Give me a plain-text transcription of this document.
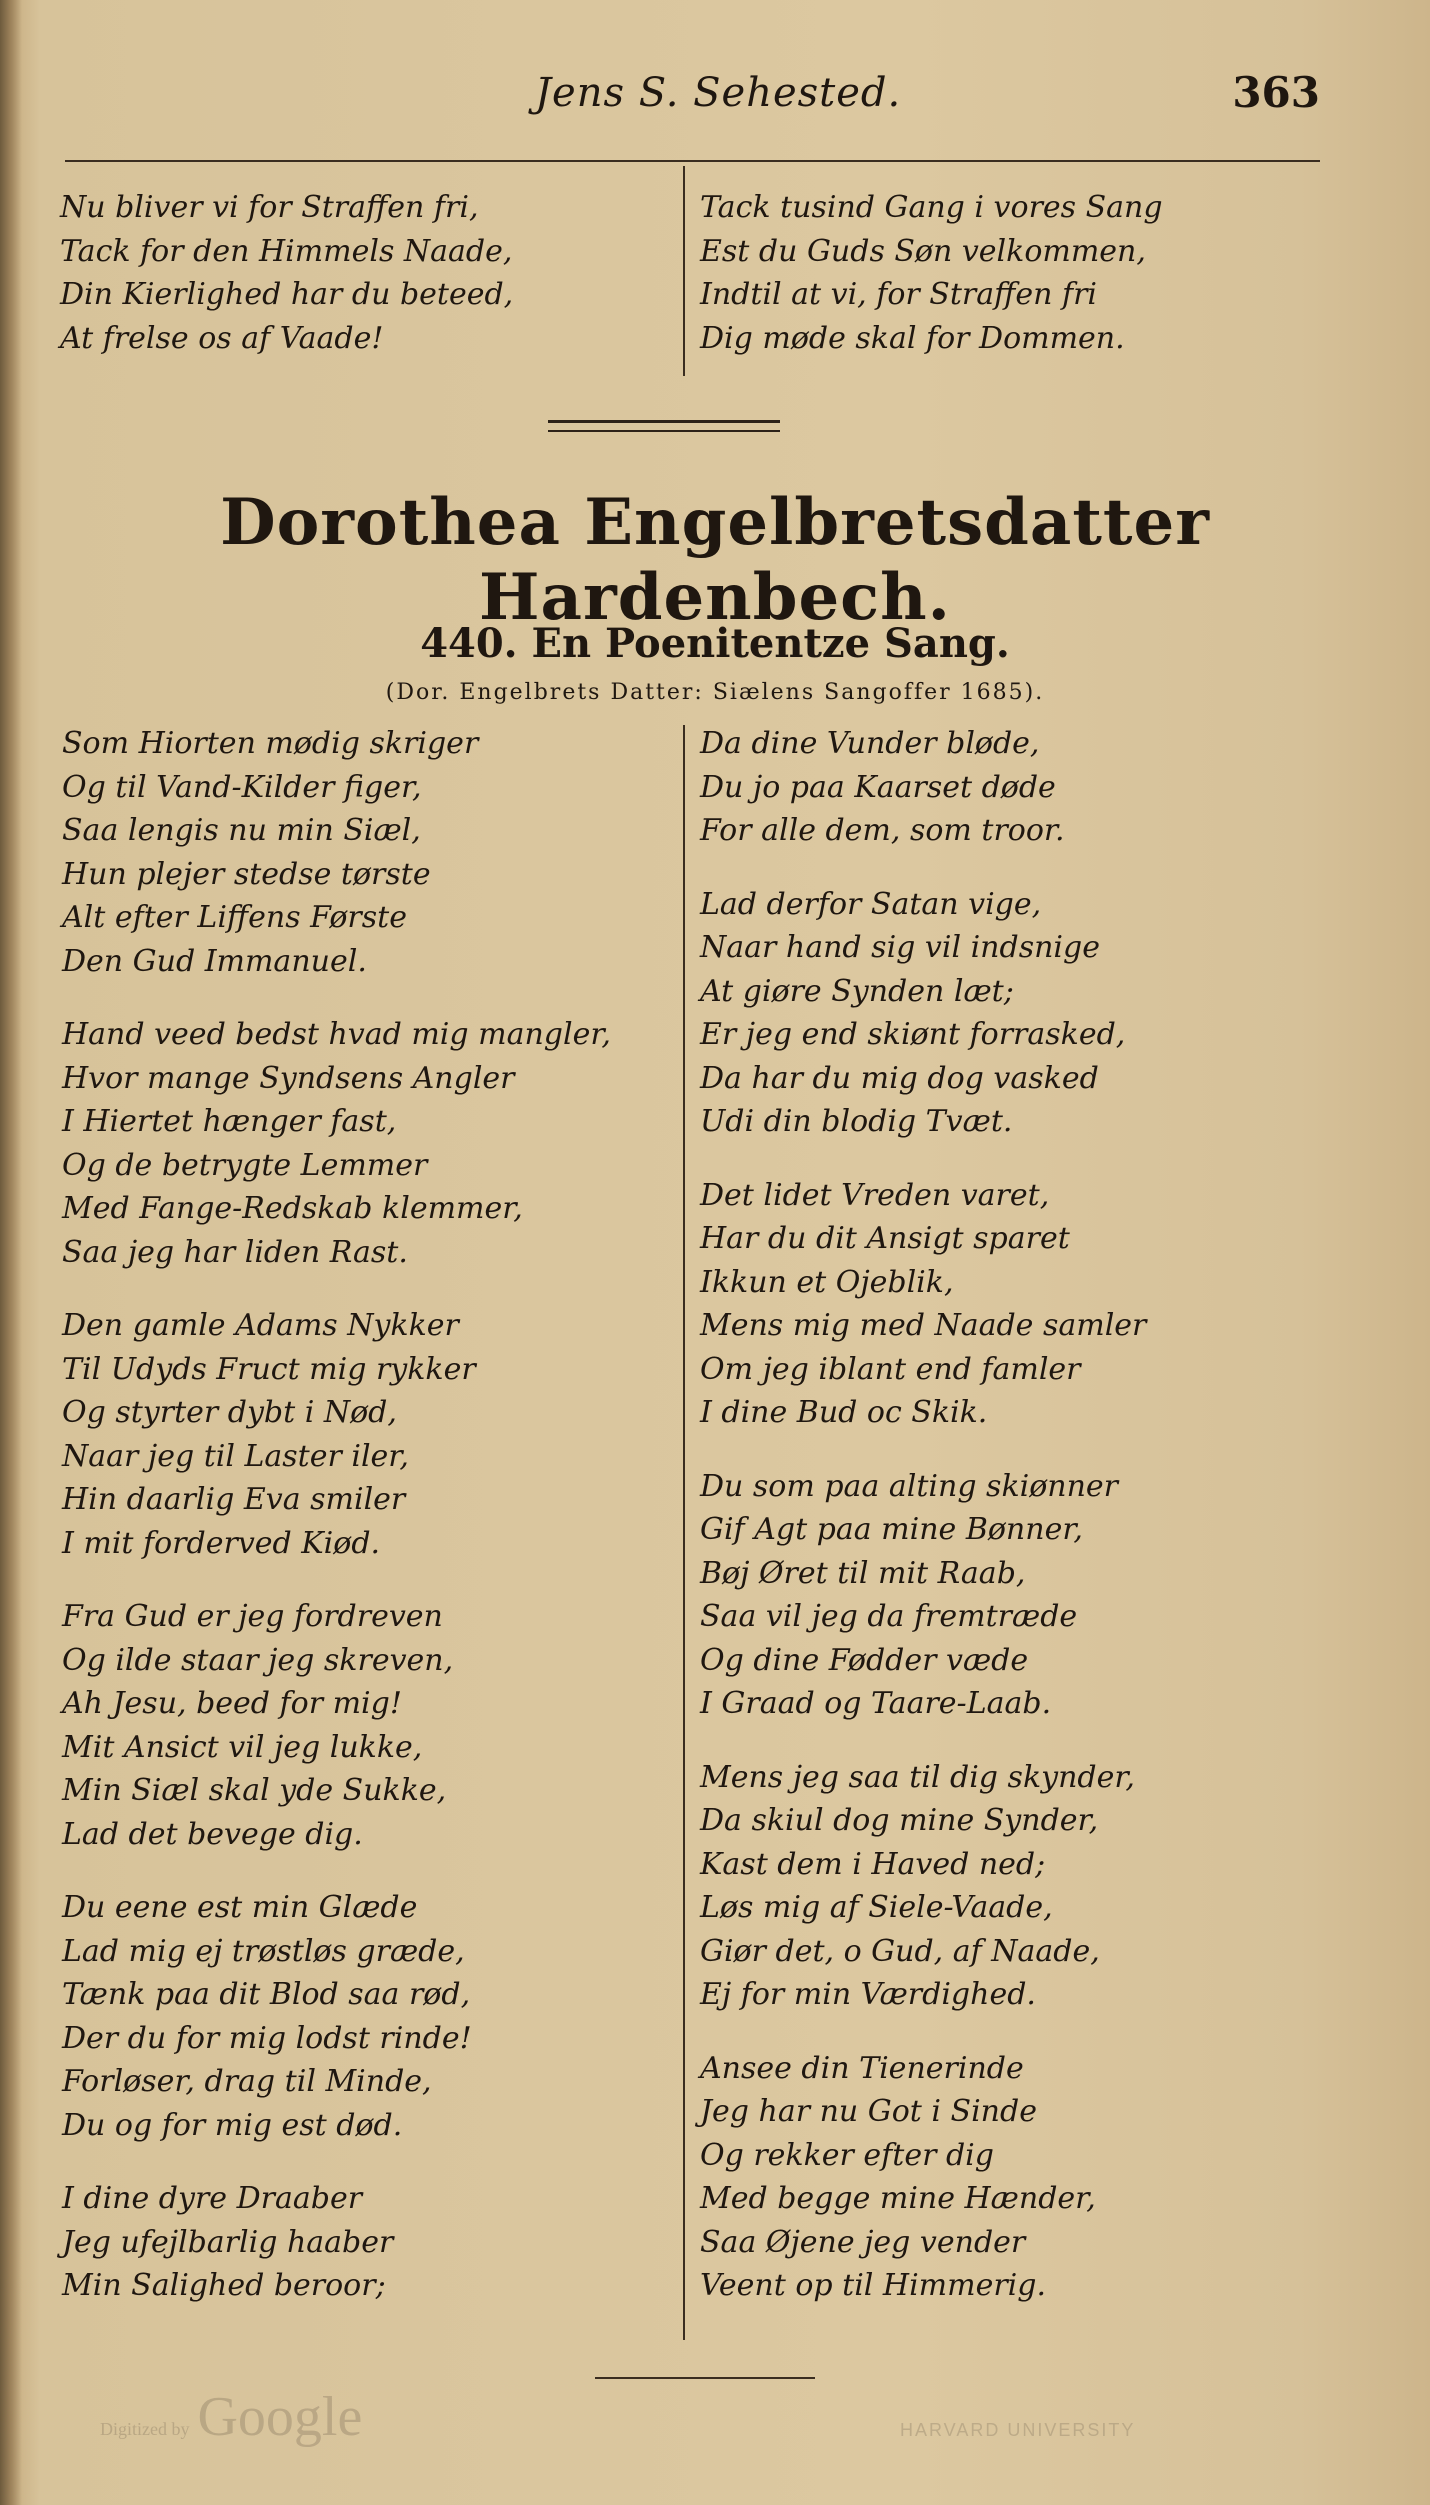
Jens S. Sehested.	363
Nu bliver vi for Straffen fri,
Tack for den Himmels Naade,
Din Kierlighed har du beteed,
At frelse os af Vaade!
Tack tusind Gang i vores Sang
Est du Guds Søn velkommen,
Indtil at vi, for Straffen fri
Dig møde skal for Dommen.
Dorothea Engelbretsdatter Hardenbech.
440. En Poenitentze Sang.
(Dor. Engelbrets Datter: Siælens Sangoffer 1685).
Som Hiorten mødig skriger
Og til Vand-Kilder figer,
Saa lengis nu min Siæl,
Hun plejer stedse tørste
Alt efter Liffens Første
Den Gud Immanuel.
Hand veed bedst hvad mig mangler,
Hvor mange Syndsens Angler
I Hiertet hænger fast,
Og de betrygte Lemmer
Med Fange-Redskab klemmer,
Saa jeg har liden Rast.
Den gamle Adams Nykker
Til Udyds Fruct mig rykker
Og styrter dybt i Nød,
Naar jeg til Laster iler,
Hin daarlig Eva smiler
I mit forderved Kiød.
Fra Gud er jeg fordreven
Og ilde staar jeg skreven,
Ah Jesu, beed for mig!
Mit Ansict vil jeg lukke,
Min Siæl skal yde Sukke,
Lad det bevege dig.
Du eene est min Glæde
Lad mig ej trøstløs græde,
Tænk paa dit Blod saa rød,
Der du for mig lodst rinde!
Forløser, drag til Minde,
Du og for mig est død.
I dine dyre Draaber
Jeg ufejlbarlig haaber
Min Salighed beroor;
Da dine Vunder bløde,
Du jo paa Kaarset døde
For alle dem, som troor.
Lad derfor Satan vige,
Naar hand sig vil indsnige
At giøre Synden læt;
Er jeg end skiønt forrasked,
Da har du mig dog vasked
Udi din blodig Tvæt.
Det lidet Vreden varet,
Har du dit Ansigt sparet
Ikkun et Ojeblik,
Mens mig med Naade samler
Om jeg iblant end famler
I dine Bud oc Skik.
Du som paa alting skiønner
Gif Agt paa mine Bønner,
Bøj Øret til mit Raab,
Saa vil jeg da fremtræde
Og dine Fødder væde
I Graad og Taare-Laab.
Mens jeg saa til dig skynder,
Da skiul dog mine Synder,
Kast dem i Haved ned;
Løs mig af Siele-Vaade,
Giør det, o Gud, af Naade,
Ej for min Værdighed.
Ansee din Tienerinde
Jeg har nu Got i Sinde
Og rekker efter dig
Med begge mine Hænder,
Saa Øjene jeg vender
Veent op til Himmerig.
Digitized by Google	HARVARD UNIVERSITY
